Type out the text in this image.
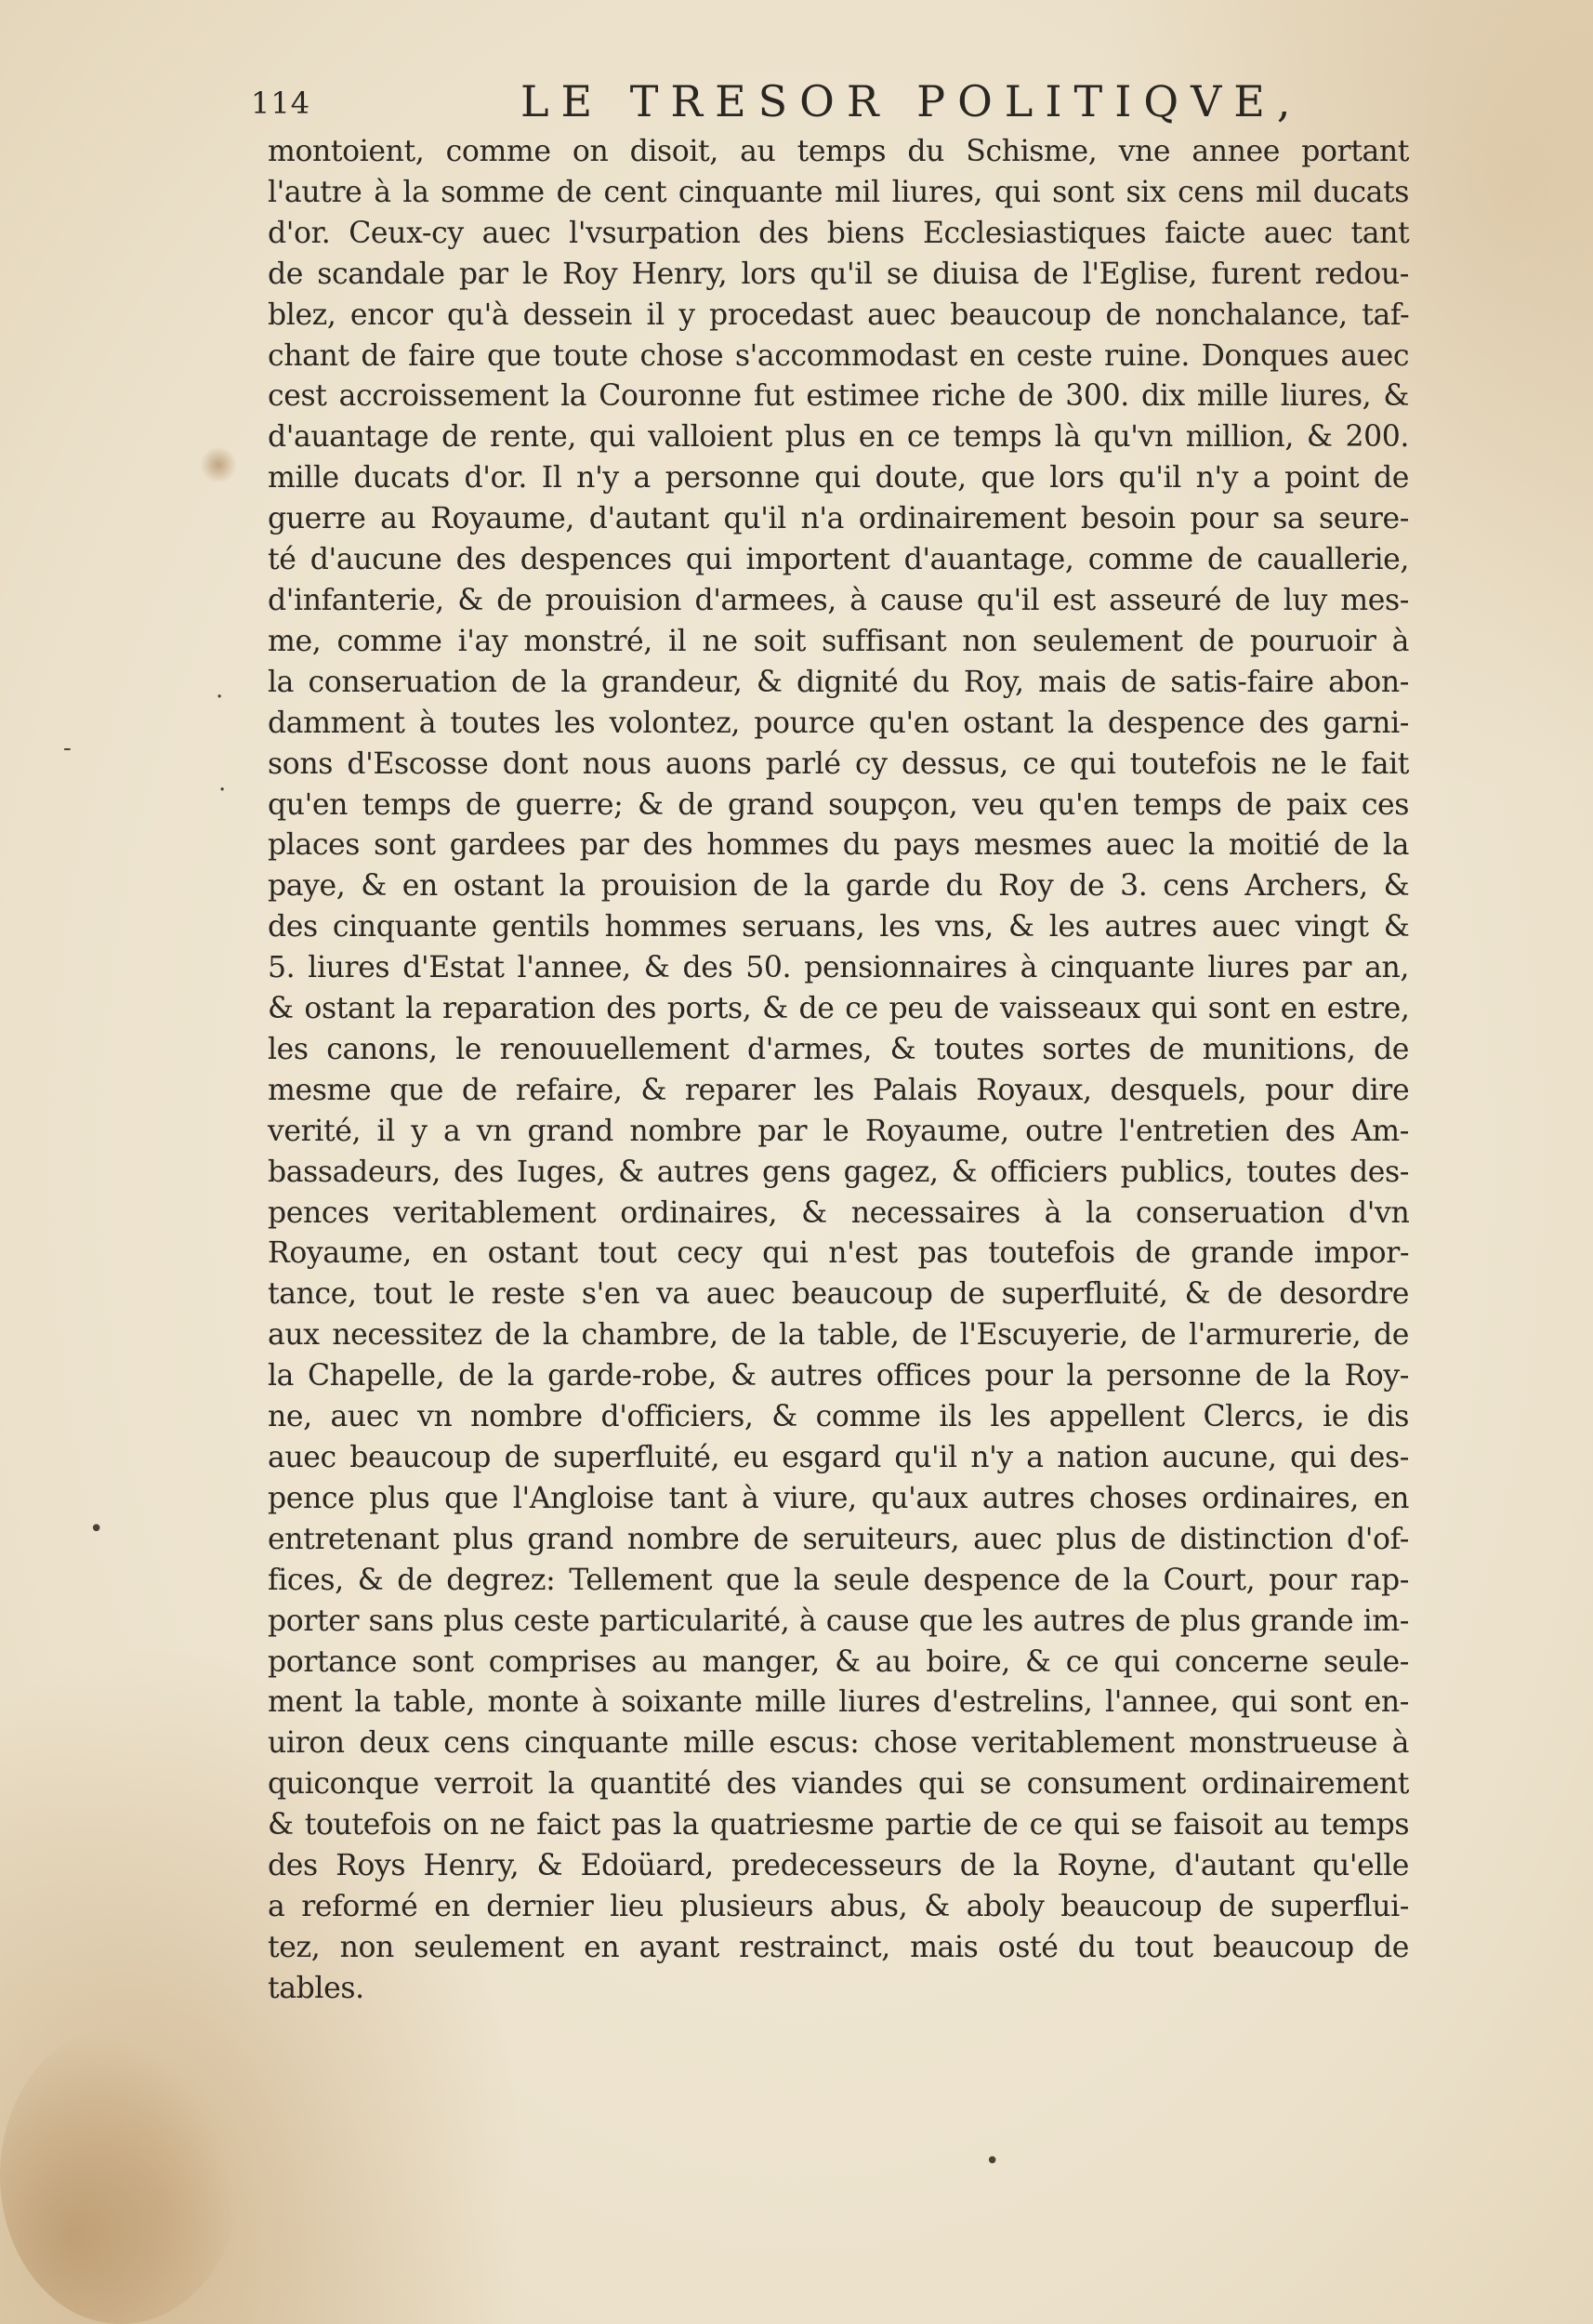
·
-
·
•
•
114	LE TRESOR POLITIQVE,
montoient, comme on disoit, au temps du Schisme, vne annee portant
l'autre à la somme de cent cinquante mil liures, qui sont six cens mil ducats
d'or. Ceux-cy auec l'vsurpation des biens Ecclesiastiques faicte auec tant
de scandale par le Roy Henry, lors qu'il se diuisa de l'Eglise, furent redou-
blez, encor qu'à dessein il y procedast auec beaucoup de nonchalance, taf-
chant de faire que toute chose s'accommodast en ceste ruine. Donques auec
cest accroissement la Couronne fut estimee riche de 300. dix mille liures, &
d'auantage de rente, qui valloient plus en ce temps là qu'vn million, & 200.
mille ducats d'or. Il n'y a personne qui doute, que lors qu'il n'y a point de
guerre au Royaume, d'autant qu'il n'a ordinairement besoin pour sa seure-
té d'aucune des despences qui importent d'auantage, comme de cauallerie,
d'infanterie, & de prouision d'armees, à cause qu'il est asseuré de luy mes-
me, comme i'ay monstré, il ne soit suffisant non seulement de pouruoir à
la conseruation de la grandeur, & dignité du Roy, mais de satis-faire abon-
damment à toutes les volontez, pource qu'en ostant la despence des garni-
sons d'Escosse dont nous auons parlé cy dessus, ce qui toutefois ne le fait
qu'en temps de guerre; & de grand soupçon, veu qu'en temps de paix ces
places sont gardees par des hommes du pays mesmes auec la moitié de la
paye, & en ostant la prouision de la garde du Roy de 3. cens Archers, &
des cinquante gentils hommes seruans, les vns, & les autres auec vingt &
5. liures d'Estat l'annee, & des 50. pensionnaires à cinquante liures par an,
& ostant la reparation des ports, & de ce peu de vaisseaux qui sont en estre,
les canons, le renouuellement d'armes, & toutes sortes de munitions, de
mesme que de refaire, & reparer les Palais Royaux, desquels, pour dire
verité, il y a vn grand nombre par le Royaume, outre l'entretien des Am-
bassadeurs, des Iuges, & autres gens gagez, & officiers publics, toutes des-
pences veritablement ordinaires, & necessaires à la conseruation d'vn
Royaume, en ostant tout cecy qui n'est pas toutefois de grande impor-
tance, tout le reste s'en va auec beaucoup de superfluité, & de desordre
aux necessitez de la chambre, de la table, de l'Escuyerie, de l'armurerie, de
la Chapelle, de la garde-robe, & autres offices pour la personne de la Roy-
ne, auec vn nombre d'officiers, & comme ils les appellent Clercs, ie dis
auec beaucoup de superfluité, eu esgard qu'il n'y a nation aucune, qui des-
pence plus que l'Angloise tant à viure, qu'aux autres choses ordinaires, en
entretenant plus grand nombre de seruiteurs, auec plus de distinction d'of-
fices, & de degrez: Tellement que la seule despence de la Court, pour rap-
porter sans plus ceste particularité, à cause que les autres de plus grande im-
portance sont comprises au manger, & au boire, & ce qui concerne seule-
ment la table, monte à soixante mille liures d'estrelins, l'annee, qui sont en-
uiron deux cens cinquante mille escus: chose veritablement monstrueuse à
quiconque verroit la quantité des viandes qui se consument ordinairement
& toutefois on ne faict pas la quatriesme partie de ce qui se faisoit au temps
des Roys Henry, & Edoüard, predecesseurs de la Royne, d'autant qu'elle
a reformé en dernier lieu plusieurs abus, & aboly beaucoup de superflui-
tez, non seulement en ayant restrainct, mais osté du tout beaucoup de
tables.
